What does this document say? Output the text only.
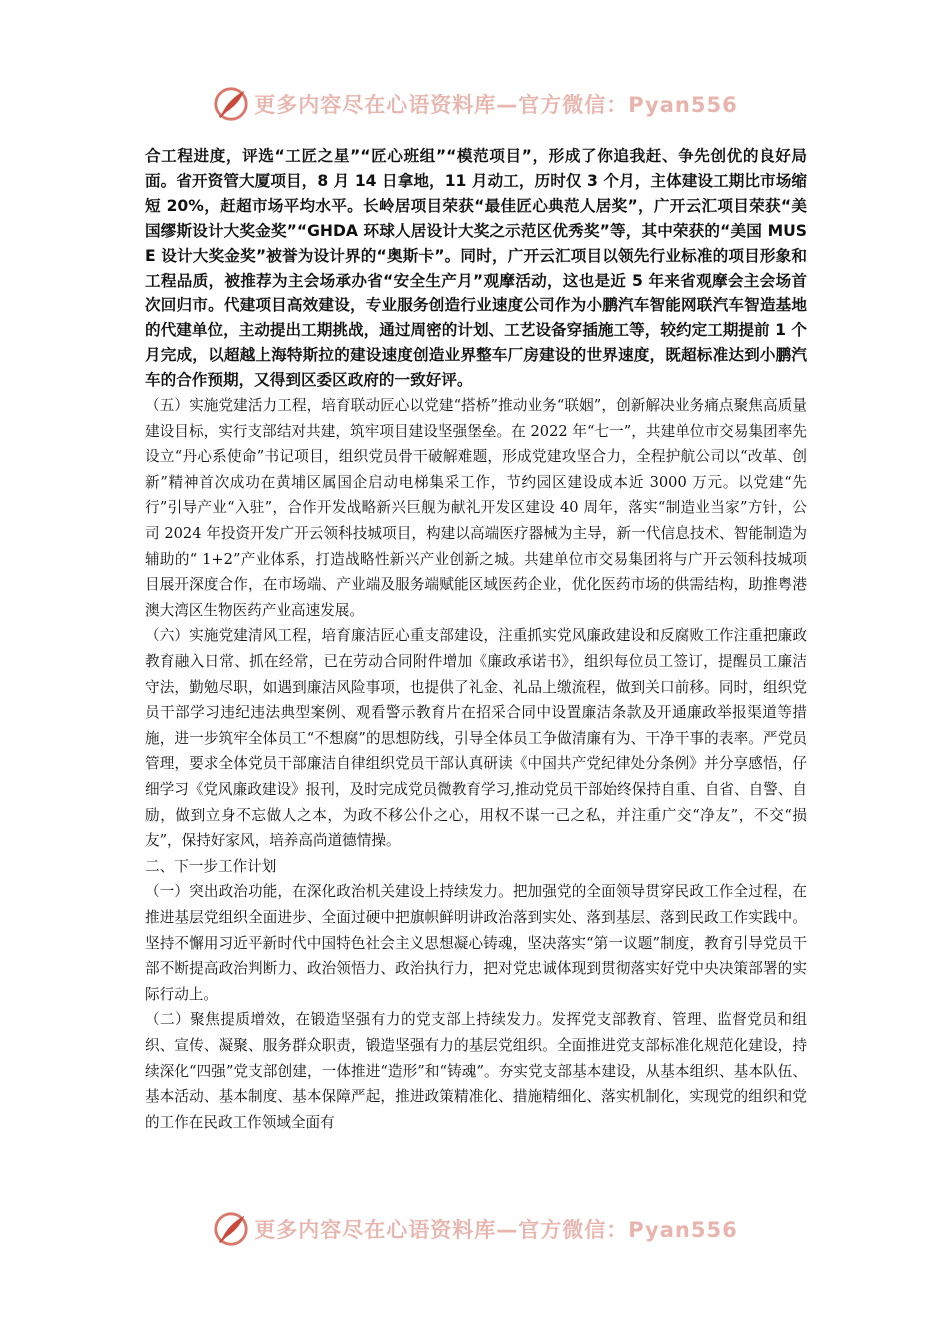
更多内容尽在心语资料库—官方微信：Pyan556

合工程进度，评选“工匠之星”“匠心班组”“模范项目”，形成了你追我赶、争先创优的良好局面。省开资管大厦项目，8 月 14 日拿地，11 月动工，历时仅 3 个月，主体建设工期比市场缩短 20%，赶超市场平均水平。长岭居项目荣获“最佳匠心典范人居奖”，广开云汇项目荣获“美国缪斯设计大奖金奖”“GHDA 环球人居设计大奖之示范区优秀奖”等，其中荣获的“美国 MUSE 设计大奖金奖”被誉为设计界的“奥斯卡”。同时，广开云汇项目以领先行业标准的项目形象和工程品质，被推荐为主会场承办省“安全生产月”观摩活动，这也是近 5 年来省观摩会主会场首次回归市。代建项目高效建设，专业服务创造行业速度公司作为小鹏汽车智能网联汽车智造基地的代建单位，主动提出工期挑战，通过周密的计划、工艺设备穿插施工等，较约定工期提前 1 个月完成，以超越上海特斯拉的建设速度创造业界整车厂房建设的世界速度，既超标准达到小鹏汽车的合作预期，又得到区委区政府的一致好评。

（五）实施党建活力工程，培育联动匠心以党建“搭桥”推动业务“联姻”，创新解决业务痛点聚焦高质量建设目标，实行支部结对共建，筑牢项目建设坚强堡垒。在 2022 年“七一”，共建单位市交易集团率先设立“丹心系使命”书记项目，组织党员骨干破解难题，形成党建攻坚合力，全程护航公司以“改革、创新”精神首次成功在黄埔区属国企启动电梯集采工作，节约园区建设成本近 3000 万元。以党建“先行”引导产业“入驻”，合作开发战略新兴巨舰为献礼开发区建设 40 周年，落实“制造业当家”方针，公司 2024 年投资开发广开云领科技城项目，构建以高端医疗器械为主导，新一代信息技术、智能制造为辅助的“ 1+2”产业体系，打造战略性新兴产业创新之城。共建单位市交易集团将与广开云领科技城项目展开深度合作，在市场端、产业端及服务端赋能区域医药企业，优化医药市场的供需结构，助推粤港澳大湾区生物医药产业高速发展。

（六）实施党建清风工程，培育廉洁匠心重支部建设，注重抓实党风廉政建设和反腐败工作注重把廉政教育融入日常、抓在经常，已在劳动合同附件增加《廉政承诺书》，组织每位员工签订，提醒员工廉洁守法，勤勉尽职，如遇到廉洁风险事项，也提供了礼金、礼品上缴流程，做到关口前移。同时，组织党员干部学习违纪违法典型案例、观看警示教育片在招采合同中设置廉洁条款及开通廉政举报渠道等措施，进一步筑牢全体员工“不想腐”的思想防线，引导全体员工争做清廉有为、干净干事的表率。严党员管理，要求全体党员干部廉洁自律组织党员干部认真研读《中国共产党纪律处分条例》并分享感悟，仔细学习《党风廉政建设》报刊，及时完成党员微教育学习,推动党员干部始终保持自重、自省、自警、自励，做到立身不忘做人之本，为政不移公仆之心，用权不谋一己之私，并注重广交“净友”，不交“损友”，保持好家风，培养高尚道德情操。

二、下一步工作计划

（一）突出政治功能，在深化政治机关建设上持续发力。把加强党的全面领导贯穿民政工作全过程，在推进基层党组织全面进步、全面过硬中把旗帜鲜明讲政治落到实处、落到基层、落到民政工作实践中。坚持不懈用习近平新时代中国特色社会主义思想凝心铸魂，坚决落实“第一议题”制度，教育引导党员干部不断提高政治判断力、政治领悟力、政治执行力，把对党忠诚体现到贯彻落实好党中央决策部署的实际行动上。

（二）聚焦提质增效，在锻造坚强有力的党支部上持续发力。发挥党支部教育、管理、监督党员和组织、宣传、凝聚、服务群众职责，锻造坚强有力的基层党组织。全面推进党支部标准化规范化建设，持续深化“四强”党支部创建，一体推进“造形”和“铸魂”。夯实党支部基本建设，从基本组织、基本队伍、基本活动、基本制度、基本保障严起，推进政策精准化、措施精细化、落实机制化，实现党的组织和党的工作在民政工作领域全面有

更多内容尽在心语资料库—官方微信：Pyan556
